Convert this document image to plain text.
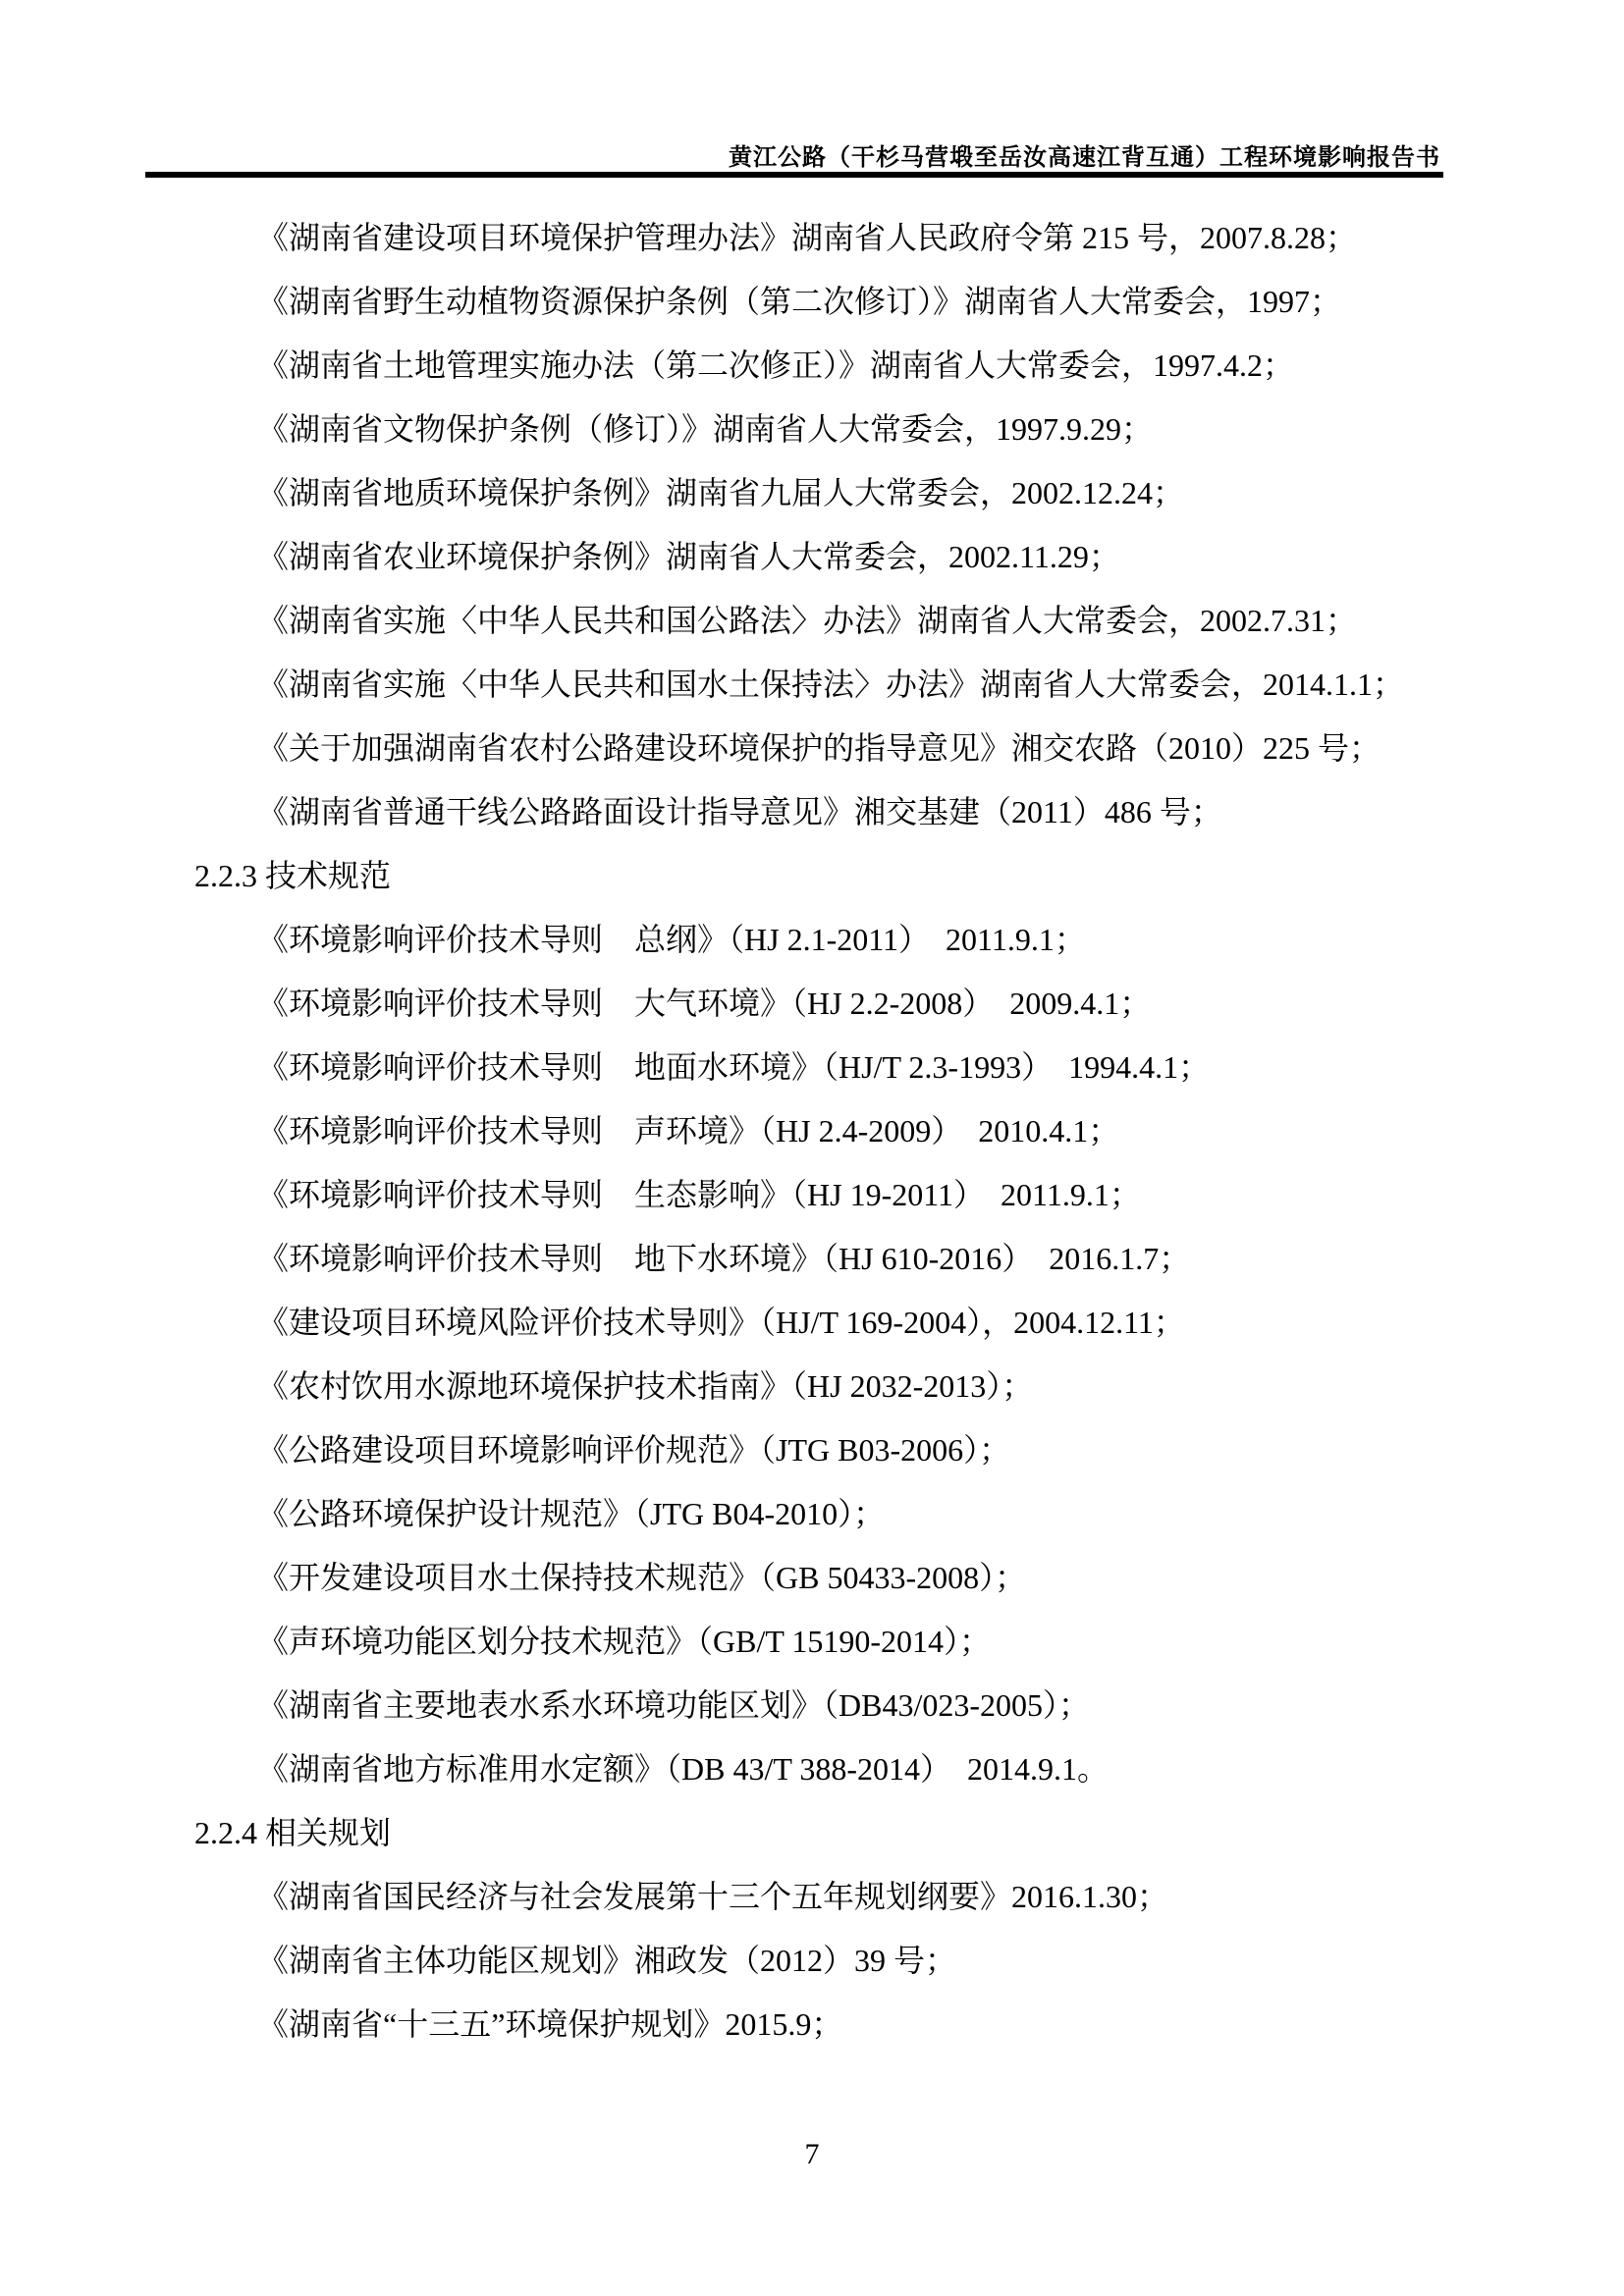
黄江公路（干杉马营塅至岳汝高速江背互通）工程环境影响报告书
《湖南省建设项目环境保护管理办法》湖南省人民政府令第 215 号，2007.8.28；
《湖南省野生动植物资源保护条例（第二次修订）》湖南省人大常委会，1997；
《湖南省土地管理实施办法（第二次修正）》湖南省人大常委会，1997.4.2；
《湖南省文物保护条例（修订）》湖南省人大常委会，1997.9.29；
《湖南省地质环境保护条例》湖南省九届人大常委会，2002.12.24；
《湖南省农业环境保护条例》湖南省人大常委会，2002.11.29；
《湖南省实施〈中华人民共和国公路法〉办法》湖南省人大常委会，2002.7.31；
《湖南省实施〈中华人民共和国水土保持法〉办法》湖南省人大常委会，2014.1.1；
《关于加强湖南省农村公路建设环境保护的指导意见》湘交农路（2010）225 号；
《湖南省普通干线公路路面设计指导意见》湘交基建（2011）486 号；
2.2.3 技术规范
《环境影响评价技术导则　总纲》（HJ 2.1-2011）　2011.9.1；
《环境影响评价技术导则　大气环境》（HJ 2.2-2008）　2009.4.1；
《环境影响评价技术导则　地面水环境》（HJ/T 2.3-1993）　1994.4.1；
《环境影响评价技术导则　声环境》（HJ 2.4-2009）　2010.4.1；
《环境影响评价技术导则　生态影响》（HJ 19-2011）　2011.9.1；
《环境影响评价技术导则　地下水环境》（HJ 610-2016）　2016.1.7；
《建设项目环境风险评价技术导则》（HJ/T 169-2004），2004.12.11；
《农村饮用水源地环境保护技术指南》（HJ 2032-2013）；
《公路建设项目环境影响评价规范》（JTG B03-2006）；
《公路环境保护设计规范》（JTG B04-2010）；
《开发建设项目水土保持技术规范》（GB 50433-2008）；
《声环境功能区划分技术规范》（GB/T 15190-2014）；
《湖南省主要地表水系水环境功能区划》（DB43/023-2005）；
《湖南省地方标准用水定额》（DB 43/T 388-2014）　2014.9.1。
2.2.4 相关规划
《湖南省国民经济与社会发展第十三个五年规划纲要》2016.1.30；
《湖南省主体功能区规划》湘政发（2012）39 号；
《湖南省“十三五”环境保护规划》2015.9；
7
